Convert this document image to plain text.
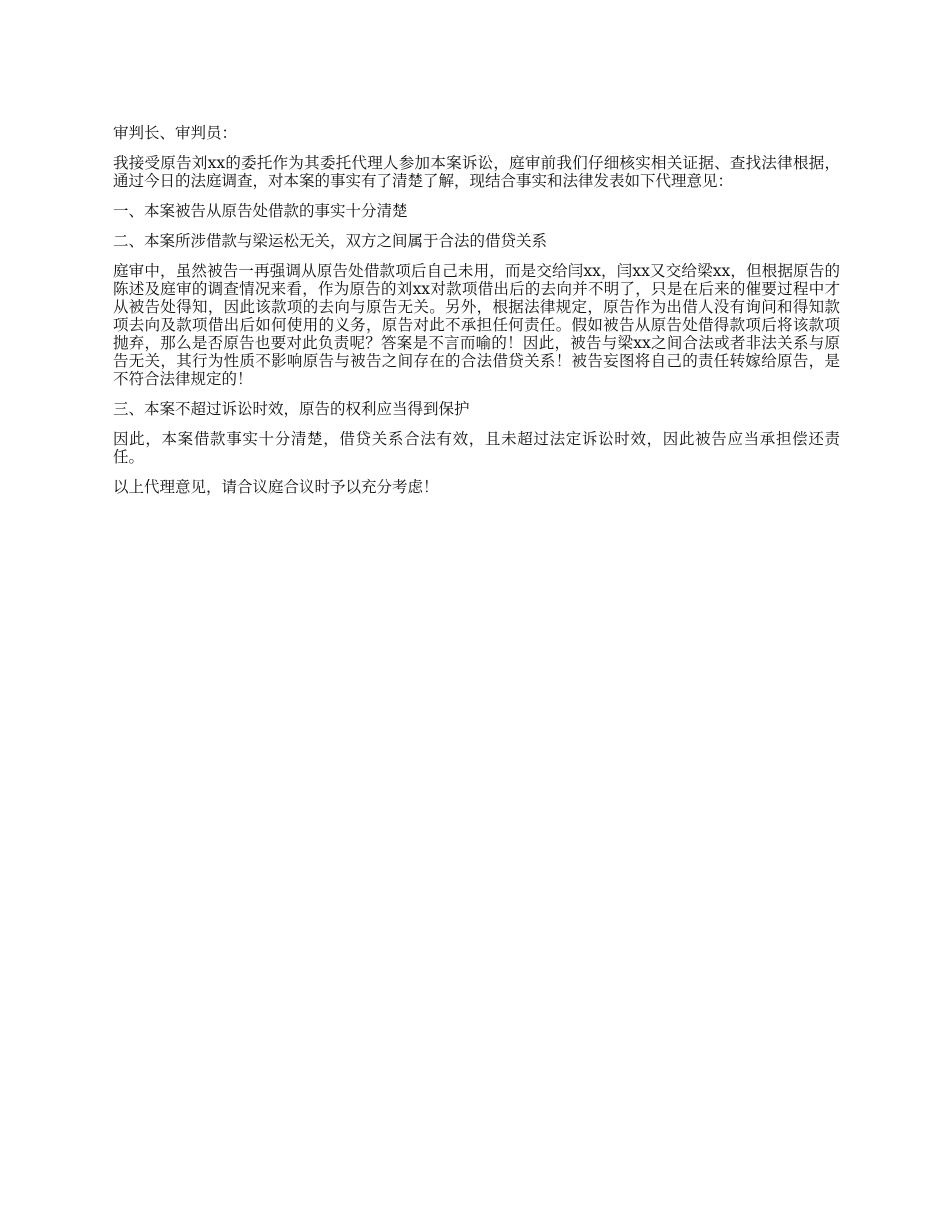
审判长、审判员：

我接受原告刘xx的委托作为其委托代理人参加本案诉讼，庭审前我们仔细核实相关证据、查找法律根据，通过今日的法庭调查，对本案的事实有了清楚了解，现结合事实和法律发表如下代理意见：

一、本案被告从原告处借款的事实十分清楚

二、本案所涉借款与梁运松无关，双方之间属于合法的借贷关系

庭审中，虽然被告一再强调从原告处借款项后自己未用，而是交给闫xx，闫xx又交给梁xx，但根据原告的陈述及庭审的调查情况来看，作为原告的刘xx对款项借出后的去向并不明了，只是在后来的催要过程中才从被告处得知，因此该款项的去向与原告无关。另外，根据法律规定，原告作为出借人没有询问和得知款项去向及款项借出后如何使用的义务，原告对此不承担任何责任。假如被告从原告处借得款项后将该款项抛弃，那么是否原告也要对此负责呢？答案是不言而喻的！因此，被告与梁xx之间合法或者非法关系与原告无关，其行为性质不影响原告与被告之间存在的合法借贷关系！被告妄图将自己的责任转嫁给原告，是不符合法律规定的！

三、本案不超过诉讼时效，原告的权利应当得到保护

因此，本案借款事实十分清楚，借贷关系合法有效，且未超过法定诉讼时效，因此被告应当承担偿还责任。

以上代理意见，请合议庭合议时予以充分考虑！
